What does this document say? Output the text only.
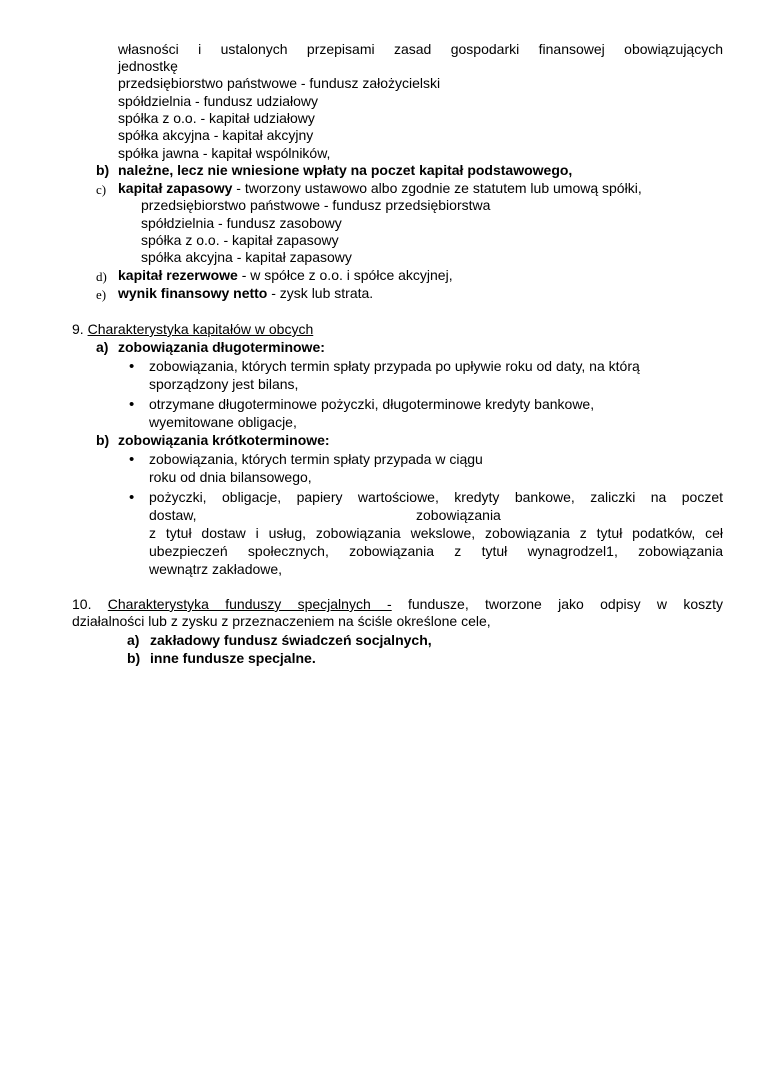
własności i ustalonych przepisami zasad gospodarki finansowej obowiązujących
jednostkę
przedsiębiorstwo państwowe - fundusz założycielski
spółdzielnia - fundusz udziałowy
spółka z o.o. - kapitał udziałowy
spółka akcyjna - kapitał akcyjny
spółka jawna - kapitał wspólników,
b) należne, lecz nie wniesione wpłaty na poczet kapitał podstawowego,
c) kapitał zapasowy - tworzony ustawowo albo zgodnie ze statutem lub umową spółki,
przedsiębiorstwo państwowe - fundusz przedsiębiorstwa
spółdzielnia - fundusz zasobowy
spółka z o.o. - kapitał zapasowy
spółka akcyjna - kapitał zapasowy
d) kapitał rezerwowe - w spółce z o.o. i spółce akcyjnej,
e) wynik finansowy netto - zysk lub strata.
9. Charakterystyka kapitałów w obcych
a) zobowiązania długoterminowe:
• zobowiązania, których termin spłaty przypada po upływie roku od daty, na którą
sporządzony jest bilans,
• otrzymane długoterminowe pożyczki, długoterminowe kredyty bankowe,
wyemitowane obligacje,
b) zobowiązania krótkoterminowe:
• zobowiązania, których termin spłaty przypada w ciągu
roku od dnia bilansowego,
• pożyczki, obligacje, papiery wartościowe, kredyty bankowe, zaliczki na poczet
dostaw,	zobowiązania
z tytuł dostaw i usług, zobowiązania wekslowe, zobowiązania z tytuł podatków, ceł
ubezpieczeń społecznych, zobowiązania z tytuł wynagrodzel1, zobowiązania
wewnątrz zakładowe,
10. Charakterystyka funduszy specjalnych - fundusze, tworzone jako odpisy w koszty
działalności lub z zysku z przeznaczeniem na ściśle określone cele,
a) zakładowy fundusz świadczeń socjalnych,
b) inne fundusze specjalne.
